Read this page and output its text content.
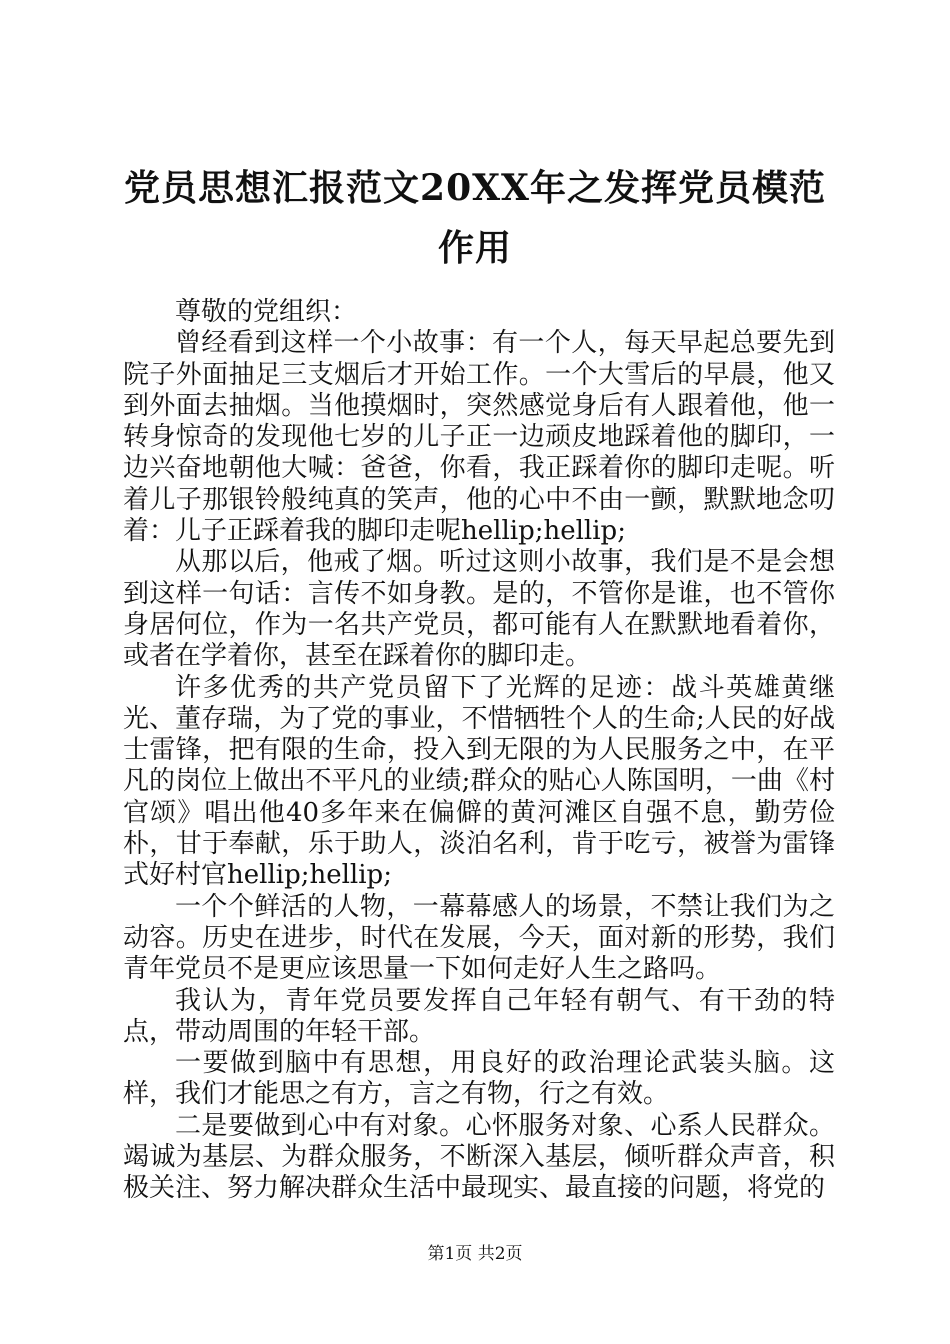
党员思想汇报范文20XX年之发挥党员模范作用

尊敬的党组织：

曾经看到这样一个小故事：有一个人，每天早起总要先到院子外面抽足三支烟后才开始工作。一个大雪后的早晨，他又到外面去抽烟。当他摸烟时，突然感觉身后有人跟着他，他一转身惊奇的发现他七岁的儿子正一边顽皮地踩着他的脚印，一边兴奋地朝他大喊：爸爸，你看，我正踩着你的脚印走呢。听着儿子那银铃般纯真的笑声，他的心中不由一颤，默默地念叨着：儿子正踩着我的脚印走呢hellip;hellip;

从那以后，他戒了烟。听过这则小故事，我们是不是会想到这样一句话：言传不如身教。是的，不管你是谁，也不管你身居何位，作为一名共产党员，都可能有人在默默地看着你，或者在学着你，甚至在踩着你的脚印走。

许多优秀的共产党员留下了光辉的足迹：战斗英雄黄继光、董存瑞，为了党的事业，不惜牺牲个人的生命;人民的好战士雷锋，把有限的生命，投入到无限的为人民服务之中，在平凡的岗位上做出不平凡的业绩;群众的贴心人陈国明，一曲《村官颂》唱出他40多年来在偏僻的黄河滩区自强不息，勤劳俭朴，甘于奉献，乐于助人，淡泊名利，肯于吃亏，被誉为雷锋式好村官hellip;hellip;

一个个鲜活的人物，一幕幕感人的场景，不禁让我们为之动容。历史在进步，时代在发展，今天，面对新的形势，我们青年党员不是更应该思量一下如何走好人生之路吗。

我认为，青年党员要发挥自己年轻有朝气、有干劲的特点，带动周围的年轻干部。

一要做到脑中有思想，用良好的政治理论武装头脑。这样，我们才能思之有方，言之有物，行之有效。

二是要做到心中有对象。心怀服务对象、心系人民群众。竭诚为基层、为群众服务，不断深入基层，倾听群众声音，积极关注、努力解决群众生活中最现实、最直接的问题，将党的

第1页 共2页
